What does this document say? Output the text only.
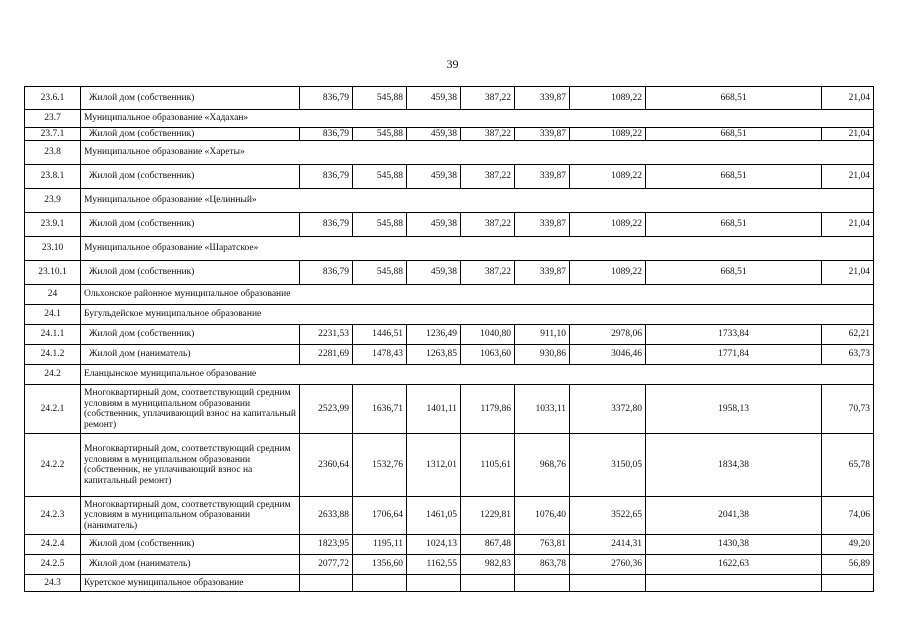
39
23.6.1	Жилой дом (собственник)	836,79	545,88	459,38	387,22	339,87	1089,22	668,51	21,04
23.7	Муниципальное образование «Хадахан»								
23.7.1	Жилой дом (собственник)	836,79	545,88	459,38	387,22	339,87	1089,22	668,51	21,04
23.8	Муниципальное образование «Хареты»								
23.8.1	Жилой дом (собственник)	836,79	545,88	459,38	387,22	339,87	1089,22	668,51	21,04
23.9	Муниципальное образование «Целинный»								
23.9.1	Жилой дом (собственник)	836,79	545,88	459,38	387,22	339,87	1089,22	668,51	21,04
23.10	Муниципальное образование «Шаратское»								
23.10.1	Жилой дом (собственник)	836,79	545,88	459,38	387,22	339,87	1089,22	668,51	21,04
24	Ольхонское районное муниципальное образование								
24.1	Бугульдейское муниципальное образование								
24.1.1	Жилой дом (собственник)	2231,53	1446,51	1236,49	1040,80	911,10	2978,06	1733,84	62,21
24.1.2	Жилой дом (наниматель)	2281,69	1478,43	1263,85	1063,60	930,86	3046,46	1771,84	63,73
24.2	Еланцынское муниципальное образование								
24.2.1	Многоквартирный дом, соответствующий средним условиям в муниципальном образовании (собственник, уплачивающий взнос на капитальный ремонт)	2523,99	1636,71	1401,11	1179,86	1033,11	3372,80	1958,13	70,73
24.2.2	Многоквартирный дом, соответствующий средним условиям в муниципальном образовании (собственник, не уплачивающий взнос на капитальный ремонт)	2360,64	1532,76	1312,01	1105,61	968,76	3150,05	1834,38	65,78
24.2.3	Многоквартирный дом, соответствующий средним условиям в муниципальном образовании (наниматель)	2633,88	1706,64	1461,05	1229,81	1076,40	3522,65	2041,38	74,06
24.2.4	Жилой дом (собственник)	1823,95	1195,11	1024,13	867,48	763,81	2414,31	1430,38	49,20
24.2.5	Жилой дом (наниматель)	2077,72	1356,60	1162,55	982,83	863,78	2760,36	1622,63	56,89
24.3	Куретское муниципальное образование								
